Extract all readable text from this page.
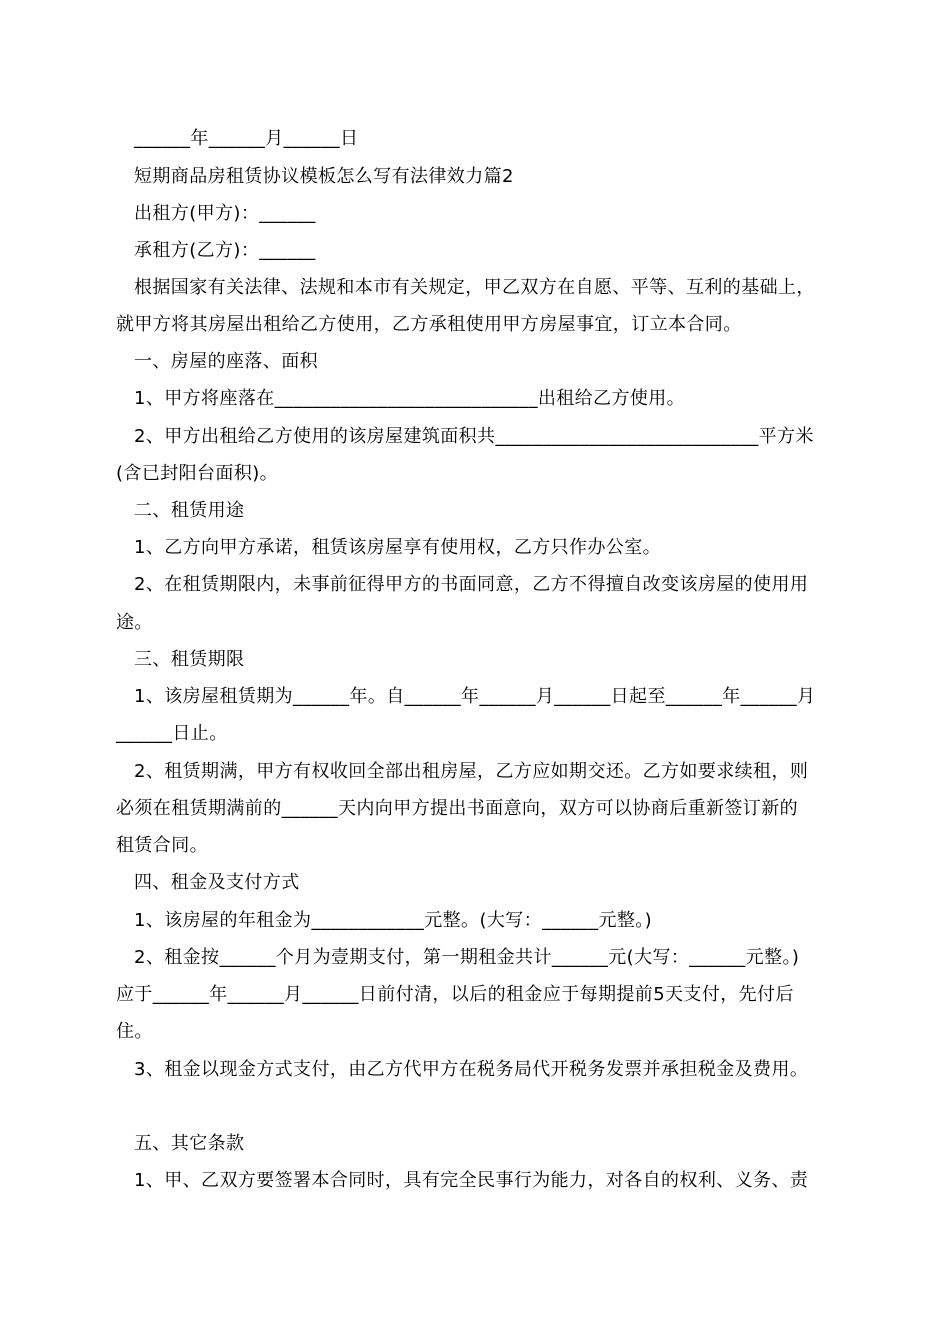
______年______月______日
短期商品房租赁协议模板怎么写有法律效力篇2
出租方(甲方)：______
承租方(乙方)：______
根据国家有关法律、法规和本市有关规定，甲乙双方在自愿、平等、互利的基础上，
就甲方将其房屋出租给乙方使用，乙方承租使用甲方房屋事宜，订立本合同。
一、房屋的座落、面积
1、甲方将座落在____________________________出租给乙方使用。
2、甲方出租给乙方使用的该房屋建筑面积共____________________________平方米
(含已封阳台面积)。
二、租赁用途
1、乙方向甲方承诺，租赁该房屋享有使用权，乙方只作办公室。
2、在租赁期限内，未事前征得甲方的书面同意，乙方不得擅自改变该房屋的使用用
途。
三、租赁期限
1、该房屋租赁期为______年。自______年______月______日起至______年______月
______日止。
2、租赁期满，甲方有权收回全部出租房屋，乙方应如期交还。乙方如要求续租，则
必须在租赁期满前的______天内向甲方提出书面意向，双方可以协商后重新签订新的
租赁合同。
四、租金及支付方式
1、该房屋的年租金为____________元整。(大写：______元整。)
2、租金按______个月为壹期支付，第一期租金共计______元(大写：______元整。)
应于______年______月______日前付清，以后的租金应于每期提前5天支付，先付后
住。
3、租金以现金方式支付，由乙方代甲方在税务局代开税务发票并承担税金及费用。
五、其它条款
1、甲、乙双方要签署本合同时，具有完全民事行为能力，对各自的权利、义务、责
